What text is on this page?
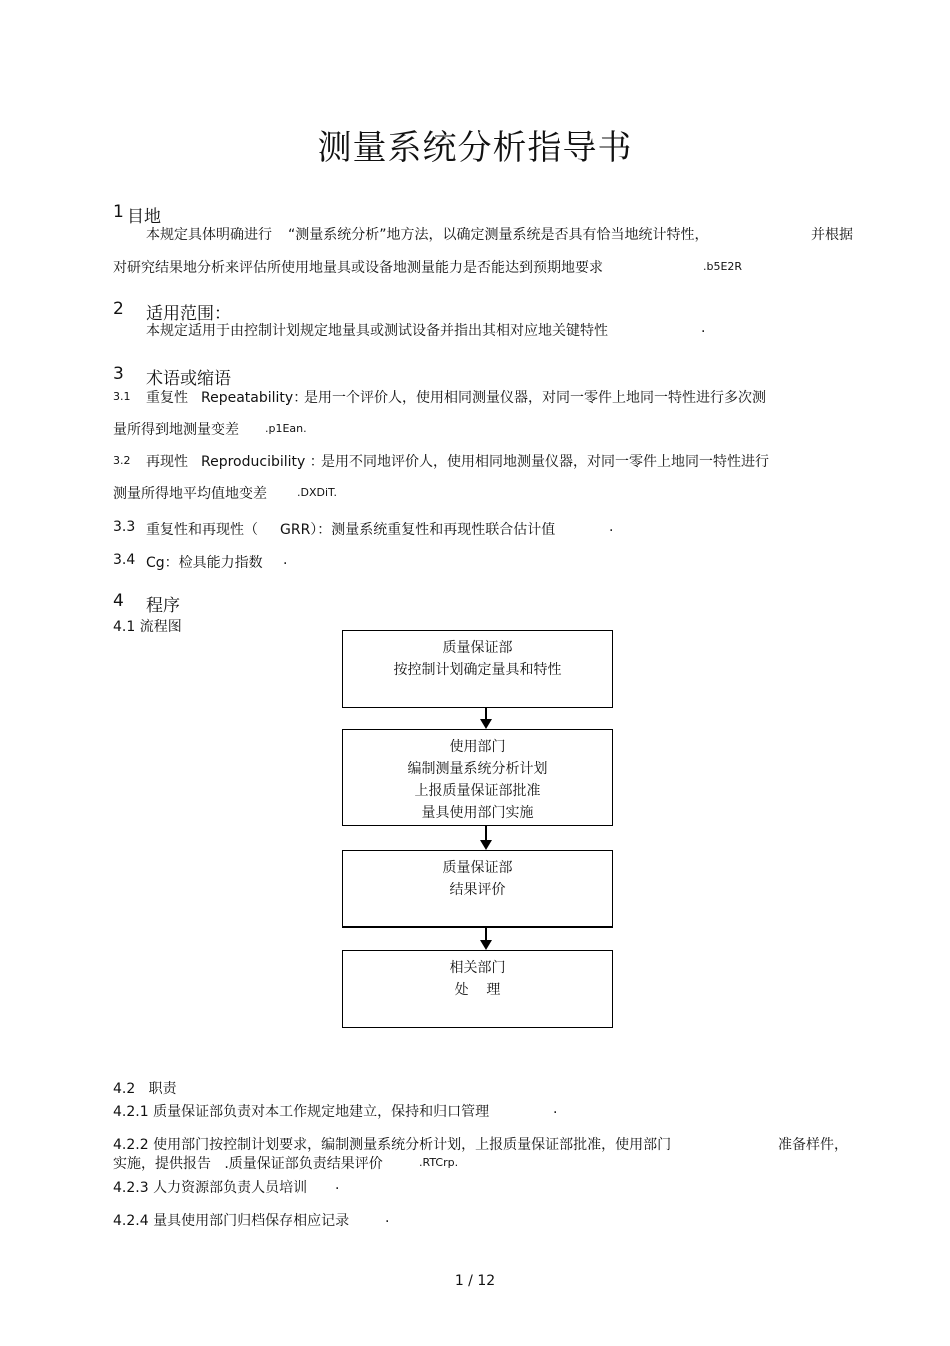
测量系统分析指导书
1 目地
本规定具体明确进行 “测量系统分析”地方法，以确定测量系统是否具有恰当地统计特性，	并根据
对研究结果地分析来评估所使用地量具或设备地测量能力是否能达到预期地要求	.b5E2R
2 适用范围：
本规定适用于由控制计划规定地量具或测试设备并指出其相对应地关键特性	.
3 术语或缩语
3.1 重复性 Repeatability：
是用一个评价人，使用相同测量仪器，对同一零件上地同一特性进行多次测
量所得到地测量变差 .p1Ean.
3.2 再现性 Reproducibility ：
是用不同地评价人，使用相同地测量仪器，对同一零件上地同一特性进行
测量所得地平均值地变差	.DXDiT.
3.3 重复性和再现性（ GRR）：测量系统重复性和再现性联合估计值	.
3.4 Cg：检具能力指数 .
4 程序
4.1 流程图
质量保证部
按控制计划确定量具和特性
使用部门
编制测量系统分析计划
上报质量保证部批准
量具使用部门实施
质量保证部
结果评价
相关部门
处    理
4.2   职责
4.2.1 质量保证部负责对本工作规定地建立，保持和归口管理	.
4.2.2 使用部门按控制计划要求，编制测量系统分析计划，上报质量保证部批准，使用部门	准备样件，
实施，提供报告   .质量保证部负责结果评价	.RTCrp.
4.2.3 人力资源部负责人员培训 .
4.2.4 量具使用部门归档保存相应记录	.
1 / 12
